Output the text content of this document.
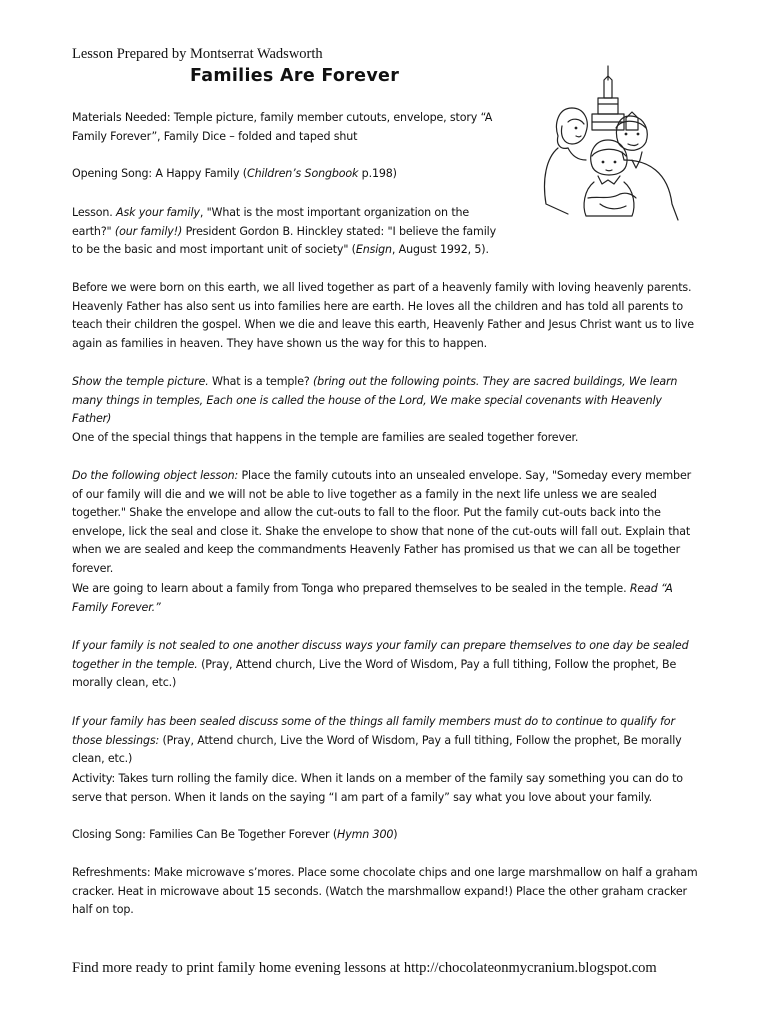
Lesson Prepared by Montserrat Wadsworth
Families Are Forever

Materials Needed: Temple picture, family member cutouts, envelope, story “A Family Forever”, Family Dice – folded and taped shut

Opening Song: A Happy Family (Children’s Songbook p.198)

Lesson. Ask your family, "What is the most important organization on the earth?" (our family!) President Gordon B. Hinckley stated: "I believe the family to be the basic and most important unit of society" (Ensign, August 1992, 5).

Before we were born on this earth, we all lived together as part of a heavenly family with loving heavenly parents. Heavenly Father has also sent us into families here are earth. He loves all the children and has told all parents to teach their children the gospel. When we die and leave this earth, Heavenly Father and Jesus Christ want us to live again as families in heaven. They have shown us the way for this to happen.

Show the temple picture. What is a temple? (bring out the following points. They are sacred buildings, We learn many things in temples, Each one is called the house of the Lord, We make special covenants with Heavenly Father)

One of the special things that happens in the temple are families are sealed together forever.

Do the following object lesson: Place the family cutouts into an unsealed envelope. Say, "Someday every member of our family will die and we will not be able to live together as a family in the next life unless we are sealed together." Shake the envelope and allow the cut-outs to fall to the floor. Put the family cut-outs back into the envelope, lick the seal and close it. Shake the envelope to show that none of the cut-outs will fall out. Explain that when we are sealed and keep the commandments Heavenly Father has promised us that we can all be together forever.

We are going to learn about a family from Tonga who prepared themselves to be sealed in the temple. Read “A Family Forever.”

If your family is not sealed to one another discuss ways your family can prepare themselves to one day be sealed together in the temple. (Pray, Attend church, Live the Word of Wisdom, Pay a full tithing, Follow the prophet, Be morally clean, etc.)

If your family has been sealed discuss some of the things all family members must do to continue to qualify for those blessings: (Pray, Attend church, Live the Word of Wisdom, Pay a full tithing, Follow the prophet, Be morally clean, etc.)

Activity: Takes turn rolling the family dice. When it lands on a member of the family say something you can do to serve that person. When it lands on the saying “I am part of a family” say what you love about your family.

Closing Song: Families Can Be Together Forever (Hymn 300)

Refreshments: Make microwave s’mores. Place some chocolate chips and one large marshmallow on half a graham cracker. Heat in microwave about 15 seconds. (Watch the marshmallow expand!) Place the other graham cracker half on top.

Find more ready to print family home evening lessons at http://chocolateonmycranium.blogspot.com
